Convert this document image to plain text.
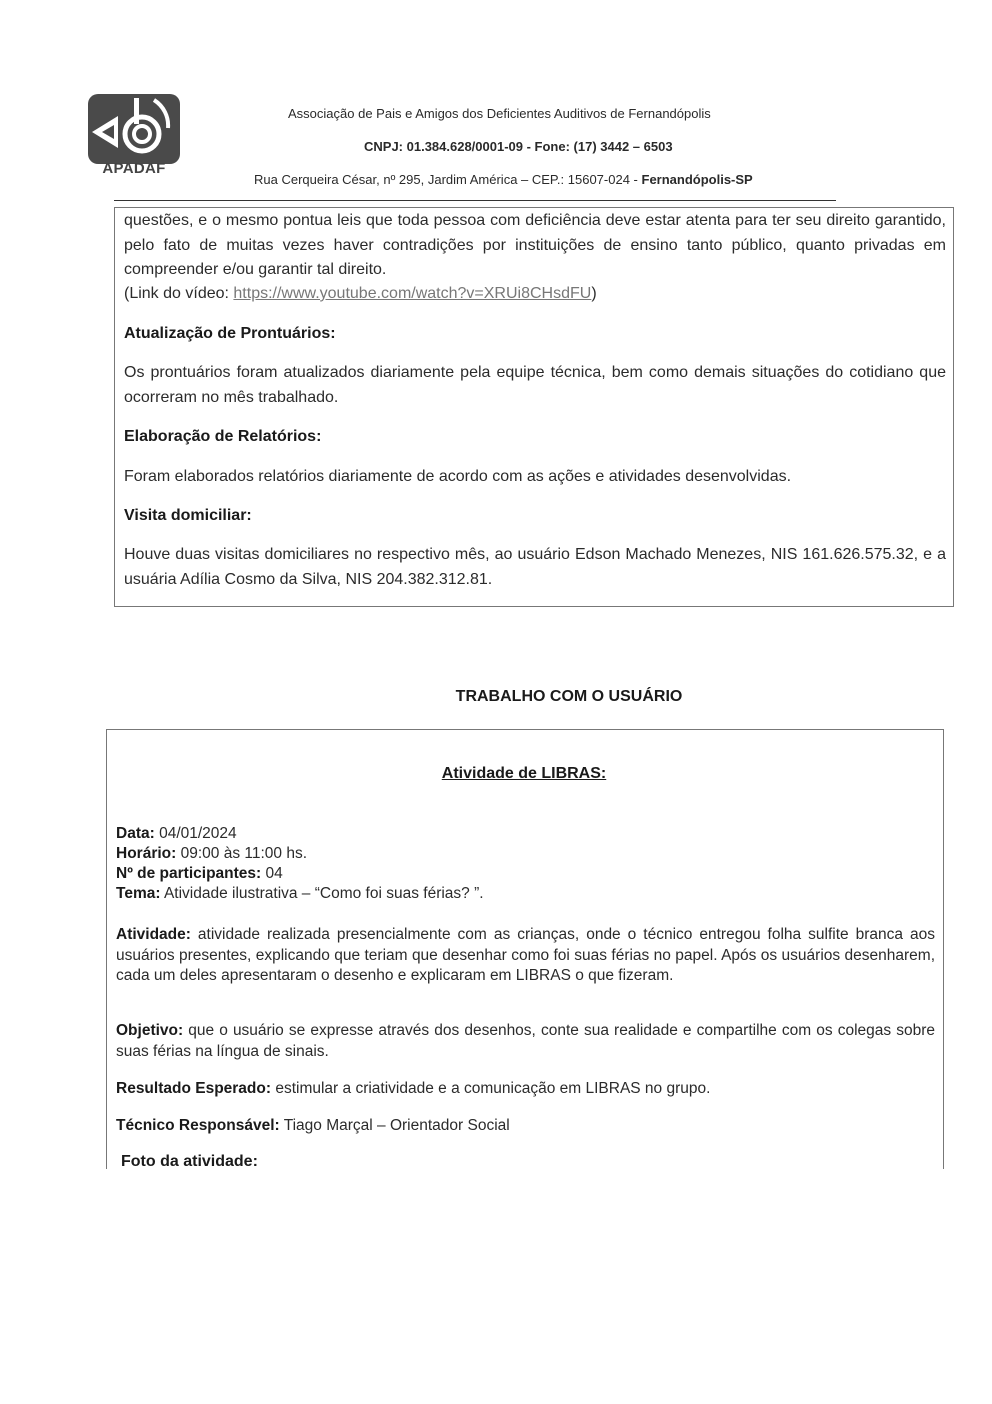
APADAF
Associação de Pais e Amigos dos Deficientes Auditivos de Fernandópolis
CNPJ: 01.384.628/0001-09 - Fone: (17) 3442 – 6503
Rua Cerqueira César, nº 295, Jardim América – CEP.: 15607-024 - Fernandópolis-SP
questões, e o mesmo pontua leis que toda pessoa com deficiência deve estar atenta para ter seu direito garantido, pelo fato de muitas vezes haver contradições por instituições de ensino tanto público, quanto privadas em compreender e/ou garantir tal direito.
(Link do vídeo: https://www.youtube.com/watch?v=XRUi8CHsdFU)
Atualização de Prontuários:
Os prontuários foram atualizados diariamente pela equipe técnica, bem como demais situações do cotidiano que ocorreram no mês trabalhado.
Elaboração de Relatórios:
Foram elaborados relatórios diariamente de acordo com as ações e atividades desenvolvidas.
Visita domiciliar:
Houve duas visitas domiciliares no respectivo mês, ao usuário Edson Machado Menezes, NIS 161.626.575.32, e a usuária Adília Cosmo da Silva, NIS 204.382.312.81.
TRABALHO COM O USUÁRIO
Atividade de LIBRAS:
Data: 04/01/2024
Horário: 09:00 às 11:00 hs.
Nº de participantes: 04
Tema: Atividade ilustrativa – “Como foi suas férias? ”.
Atividade: atividade realizada presencialmente com as crianças, onde o técnico entregou folha sulfite branca aos usuários presentes, explicando que teriam que desenhar como foi suas férias no papel. Após os usuários desenharem, cada um deles apresentaram o desenho e explicaram em LIBRAS o que fizeram.
Objetivo: que o usuário se expresse através dos desenhos, conte sua realidade e compartilhe com os colegas sobre suas férias na língua de sinais.
Resultado Esperado: estimular a criatividade e a comunicação em LIBRAS no grupo.
Técnico Responsável: Tiago Marçal – Orientador Social
Foto da atividade:
